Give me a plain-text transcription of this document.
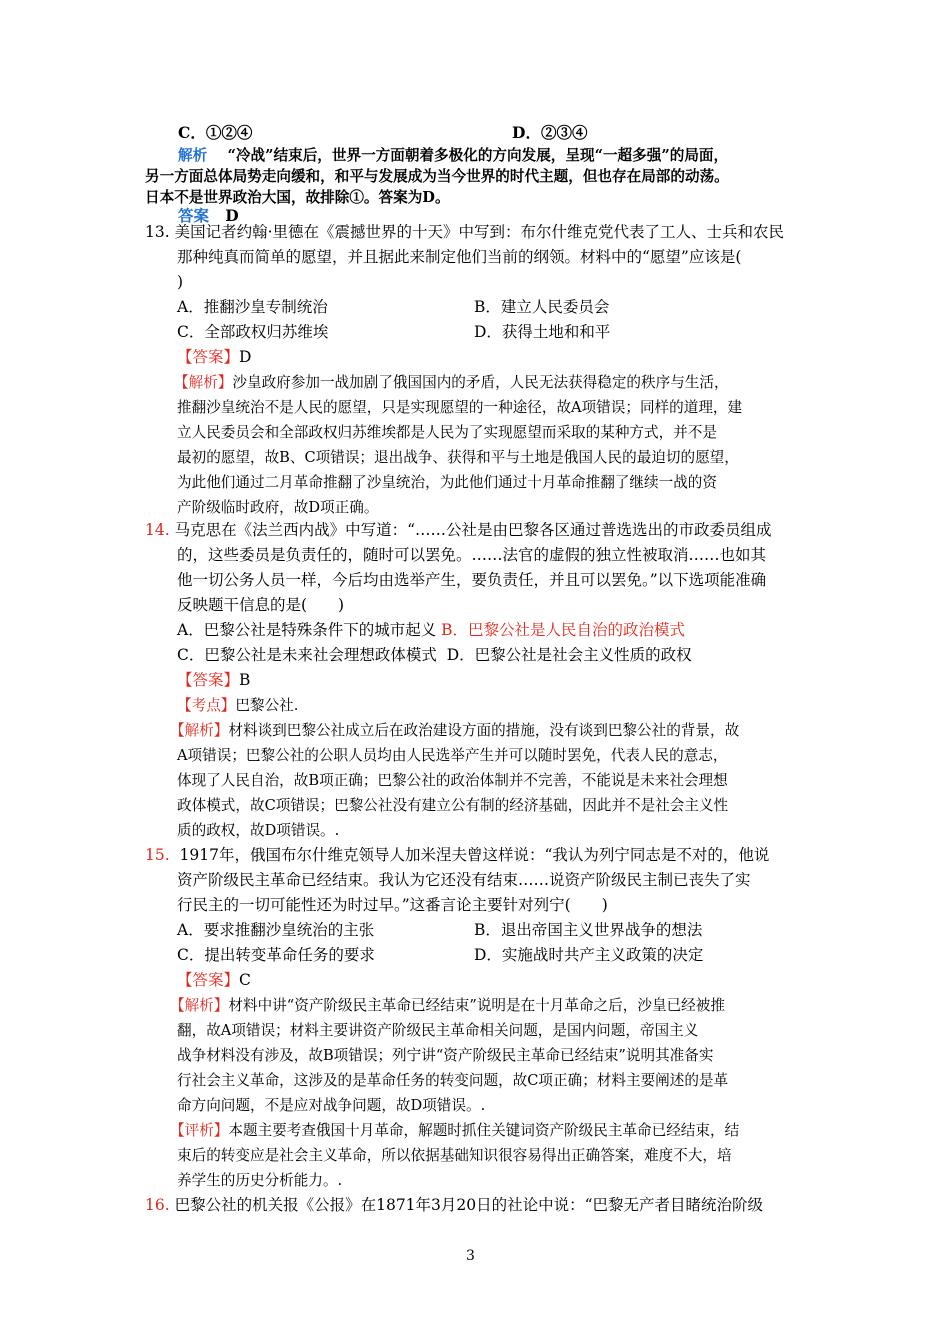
C．①②④	D．②③④
解析 “冷战”结束后，世界一方面朝着多极化的方向发展，呈现“一超多强”的局面，
另一方面总体局势走向缓和，和平与发展成为当今世界的时代主题，但也存在局部的动荡。
日本不是世界政治大国，故排除①。答案为D。
答案 D
13. 美国记者约翰·里德在《震撼世界的十天》中写到：布尔什维克党代表了工人、士兵和农民
那种纯真而简单的愿望，并且据此来制定他们当前的纲领。材料中的“愿望”应该是(
)
A．推翻沙皇专制统治	B．建立人民委员会
C．全部政权归苏维埃	D．获得土地和和平
【答案】D
【解析】沙皇政府参加一战加剧了俄国国内的矛盾，人民无法获得稳定的秩序与生活，
推翻沙皇统治不是人民的愿望，只是实现愿望的一种途径，故A项错误；同样的道理，建
立人民委员会和全部政权归苏维埃都是人民为了实现愿望而采取的某种方式，并不是
最初的愿望，故B、C项错误；退出战争、获得和平与土地是俄国人民的最迫切的愿望，
为此他们通过二月革命推翻了沙皇统治，为此他们通过十月革命推翻了继续一战的资
产阶级临时政府，故D项正确。
14. 马克思在《法兰西内战》中写道：“……公社是由巴黎各区通过普选选出的市政委员组成
的，这些委员是负责任的，随时可以罢免。……法官的虚假的独立性被取消……也如其
他一切公务人员一样，今后均由选举产生，要负责任，并且可以罢免。”以下选项能准确
反映题干信息的是(　　)
A．巴黎公社是特殊条件下的城市起义 B．巴黎公社是人民自治的政治模式
C．巴黎公社是未来社会理想政体模式 D．巴黎公社是社会主义性质的政权
【答案】B
【考点】巴黎公社.
【解析】材料谈到巴黎公社成立后在政治建设方面的措施，没有谈到巴黎公社的背景，故
A项错误；巴黎公社的公职人员均由人民选举产生并可以随时罢免，代表人民的意志，
体现了人民自治，故B项正确；巴黎公社的政治体制并不完善，不能说是未来社会理想
政体模式，故C项错误；巴黎公社没有建立公有制的经济基础，因此并不是社会主义性
质的政权，故D项错误。.
15. 1917年，俄国布尔什维克领导人加米涅夫曾这样说：“我认为列宁同志是不对的，他说
资产阶级民主革命已经结束。我认为它还没有结束……说资产阶级民主制已丧失了实
行民主的一切可能性还为时过早。”这番言论主要针对列宁(　　)
A．要求推翻沙皇统治的主张	B．退出帝国主义世界战争的想法
C．提出转变革命任务的要求	D．实施战时共产主义政策的决定
【答案】C
【解析】材料中讲“资产阶级民主革命已经结束”说明是在十月革命之后，沙皇已经被推
翻，故A项错误；材料主要讲资产阶级民主革命相关问题，是国内问题，帝国主义
战争材料没有涉及，故B项错误；列宁讲“资产阶级民主革命已经结束”说明其准备实
行社会主义革命，这涉及的是革命任务的转变问题，故C项正确；材料主要阐述的是革
命方向问题，不是应对战争问题，故D项错误。.
【评析】本题主要考查俄国十月革命，解题时抓住关键词资产阶级民主革命已经结束，结
束后的转变应是社会主义革命，所以依据基础知识很容易得出正确答案，难度不大，培
养学生的历史分析能力。.
16. 巴黎公社的机关报《公报》在1871年3月20日的社论中说：“巴黎无产者目睹统治阶级
3
